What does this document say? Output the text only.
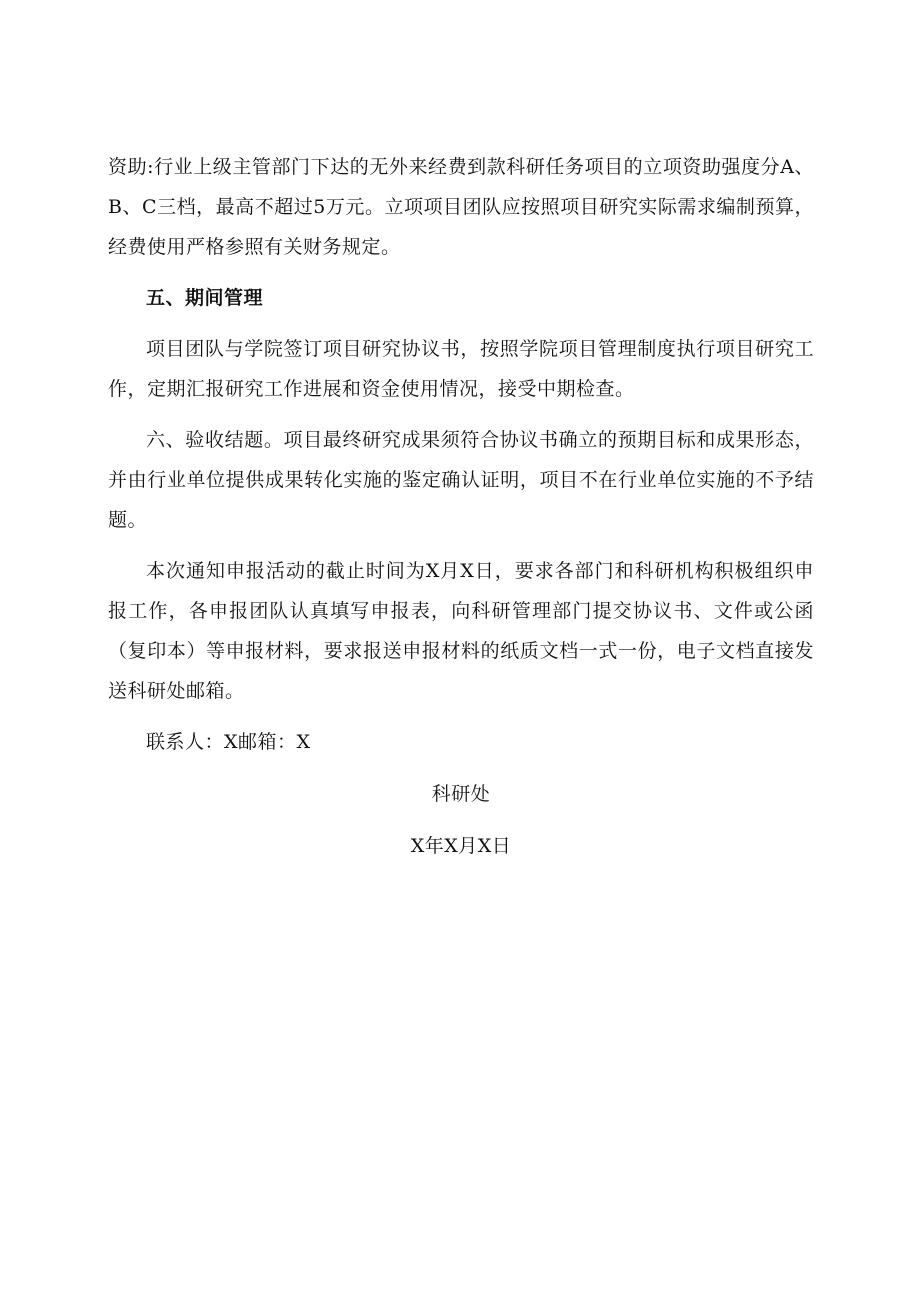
资助:行业上级主管部门下达的无外来经费到款科研任务项目的立项资助强度分A、B、C三档，最高不超过5万元。立项项目团队应按照项目研究实际需求编制预算，经费使用严格参照有关财务规定。

五、期间管理

项目团队与学院签订项目研究协议书，按照学院项目管理制度执行项目研究工作，定期汇报研究工作进展和资金使用情况，接受中期检查。

六、验收结题。项目最终研究成果须符合协议书确立的预期目标和成果形态，并由行业单位提供成果转化实施的鉴定确认证明，项目不在行业单位实施的不予结题。

本次通知申报活动的截止时间为X月X日，要求各部门和科研机构积极组织申报工作，各申报团队认真填写申报表，向科研管理部门提交协议书、文件或公函（复印本）等申报材料，要求报送申报材料的纸质文档一式一份，电子文档直接发送科研处邮箱。

联系人：X邮箱：X

科研处

X年X月X日
